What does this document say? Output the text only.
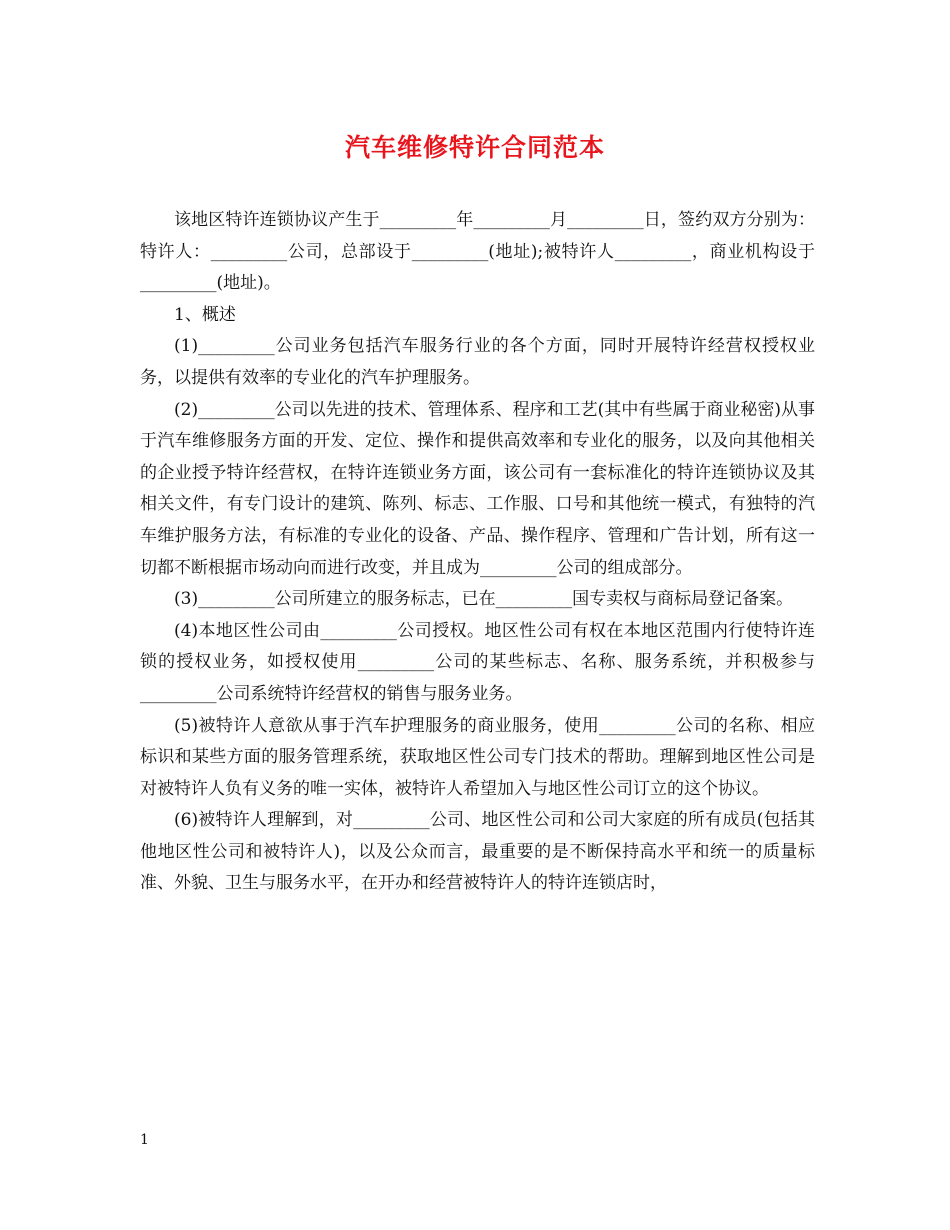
汽车维修特许合同范本

该地区特许连锁协议产生于_________年_________月_________日，签约双方分别为：特许人：_________公司，总部设于_________(地址);被特许人_________，商业机构设于 _________(地址)。

1、概述

(1)_________公司业务包括汽车服务行业的各个方面，同时开展特许经营权授权业务，以提供有效率的专业化的汽车护理服务。

(2)_________公司以先进的技术、管理体系、程序和工艺(其中有些属于商业秘密)从事于汽车维修服务方面的开发、定位、操作和提供高效率和专业化的服务，以及向其他相关的企业授予特许经营权，在特许连锁业务方面，该公司有一套标准化的特许连锁协议及其相关文件，有专门设计的建筑、陈列、标志、工作服、口号和其他统一模式，有独特的汽车维护服务方法，有标准的专业化的设备、产品、操作程序、管理和广告计划，所有这一切都不断根据市场动向而进行改变，并且成为_________公司的组成部分。

(3)_________公司所建立的服务标志，已在_________国专卖权与商标局登记备案。

(4)本地区性公司由_________公司授权。地区性公司有权在本地区范围内行使特许连锁的授权业务，如授权使用_________公司的某些标志、名称、服务系统，并积极参与_________公司系统特许经营权的销售与服务业务。

(5)被特许人意欲从事于汽车护理服务的商业服务，使用_________公司的名称、相应标识和某些方面的服务管理系统，获取地区性公司专门技术的帮助。理解到地区性公司是对被特许人负有义务的唯一实体，被特许人希望加入与地区性公司订立的这个协议。

(6)被特许人理解到，对_________公司、地区性公司和公司大家庭的所有成员(包括其他地区性公司和被特许人)，以及公众而言，最重要的是不断保持高水平和统一的质量标准、外貌、卫生与服务水平，在开办和经营被特许人的特许连锁店时，

1
